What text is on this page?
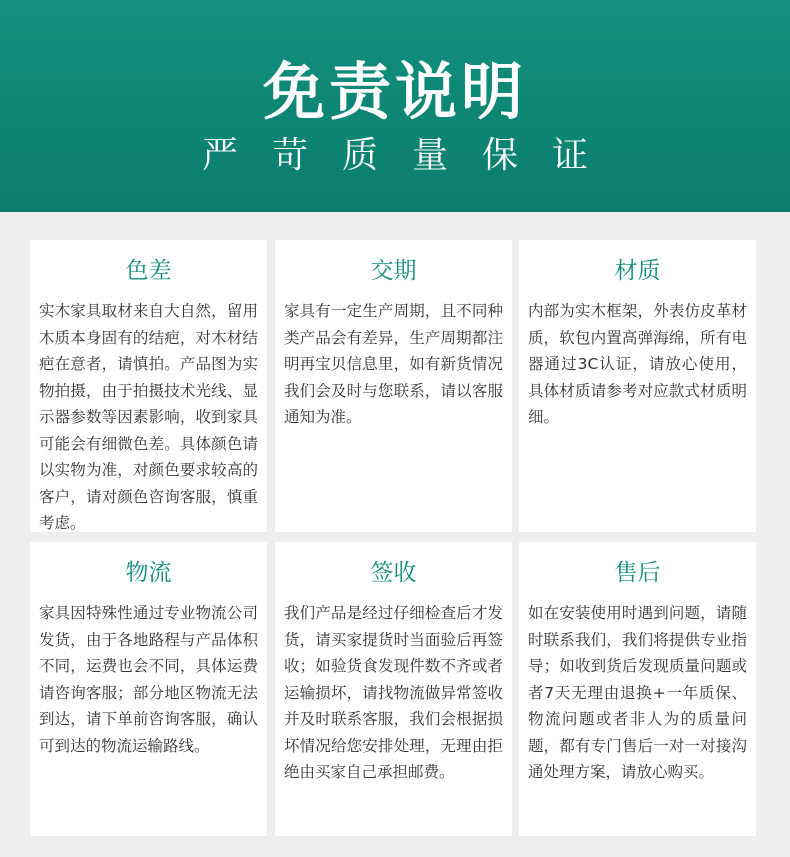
免责说明
严苛质量保证
色差
实木家具取材来自大自然，留用木质本身固有的结疤，对木材结疤在意者，请慎拍。产品图为实物拍摄，由于拍摄技术光线、显示器参数等因素影响，收到家具可能会有细微色差。具体颜色请以实物为准，对颜色要求较高的客户，请对颜色咨询客服，慎重考虑。
交期
家具有一定生产周期，且不同种类产品会有差异，生产周期都注明再宝贝信息里，如有新货情况我们会及时与您联系，请以客服通知为准。
材质
内部为实木框架，外表仿皮革材质，软包内置高弹海绵，所有电器通过3C认证，请放心使用，具体材质请参考对应款式材质明细。
物流
家具因特殊性通过专业物流公司发货，由于各地路程与产品体积不同，运费也会不同，具体运费请咨询客服；部分地区物流无法到达，请下单前咨询客服，确认可到达的物流运输路线。
签收
我们产品是经过仔细检查后才发货，请买家提货时当面验后再签收；如验货食发现件数不齐或者运输损坏，请找物流做异常签收并及时联系客服，我们会根据损坏情况给您安排处理，无理由拒绝由买家自己承担邮费。
售后
如在安装使用时遇到问题，请随时联系我们，我们将提供专业指导；如收到货后发现质量问题或者7天无理由退换+一年质保、物流问题或者非人为的质量问题，都有专门售后一对一对接沟通处理方案，请放心购买。
